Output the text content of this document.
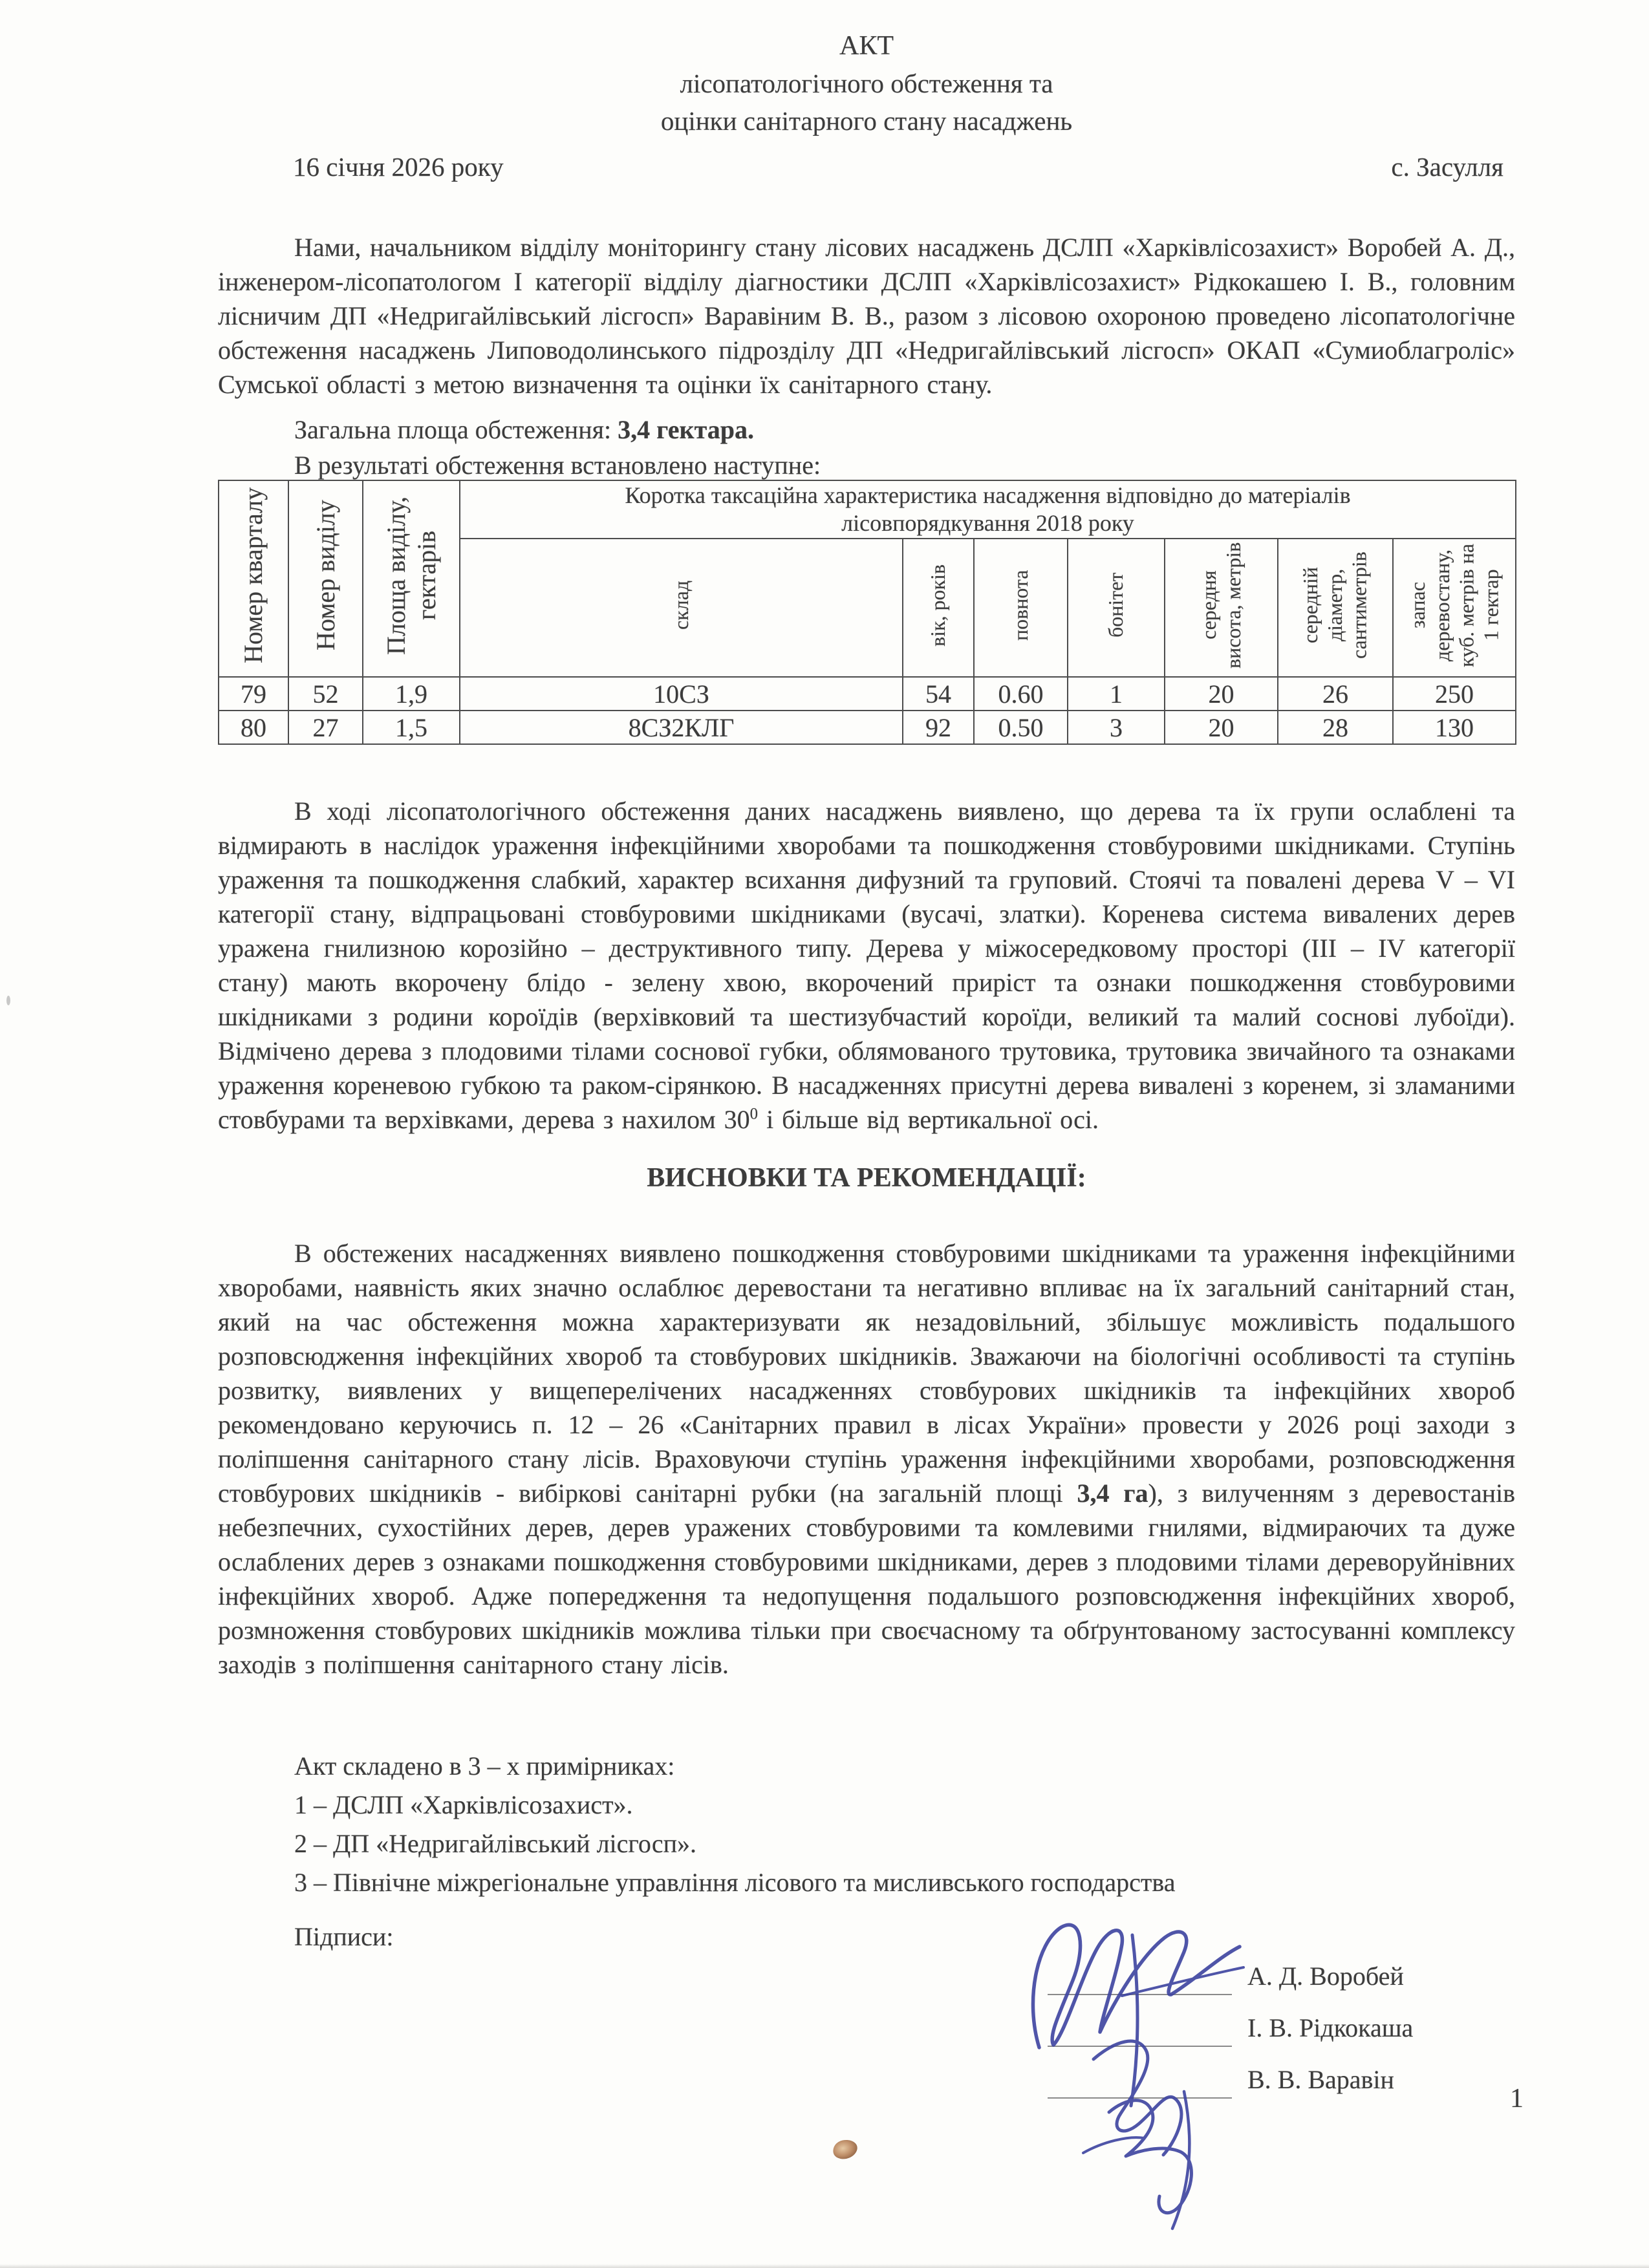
АКТ
лісопатологічного обстеження та
оцінки санітарного стану насаджень
16 січня 2026 року	с. Засулля

Нами, начальником відділу моніторингу стану лісових насаджень ДСЛП «Харківлісозахист» Воробей А. Д., інженером-лісопатологом І категорії відділу діагностики ДСЛП «Харківлісозахист» Рідкокашею І. В., головним лісничим ДП «Недригайлівський лісгосп» Варавіним В. В., разом з лісовою охороною проведено лісопатологічне обстеження насаджень Липоводолинського підрозділу ДП «Недригайлівський лісгосп» ОКАП «Сумиоблагроліс» Сумської області з метою визначення та оцінки їх санітарного стану.

Загальна площа обстеження: 3,4 гектара.
В результаті обстеження встановлено наступне:
Номер кварталу	Номер виділу	Площа виділу, гектарів	Коротка таксаційна характеристика насадження відповідно до матеріалів
лісовпорядкування 2018 року						

			склад	вік, років	повнота	бонітет	середня висота, метрів	середній діаметр, сантиметрів	запас деревостану, куб. метрів на 1 гектар
79	52	1,9	10СЗ	54	0.60	1	20	26	250
80	27	1,5	8СЗ2КЛГ	92	0.50	3	20	28	130

В ході лісопатологічного обстеження даних насаджень виявлено, що дерева та їх групи ослаблені та відмирають в наслідок ураження інфекційними хворобами та пошкодження стовбуровими шкідниками. Ступінь ураження та пошкодження слабкий, характер всихання дифузний та груповий. Стоячі та повалені дерева V – VI категорії стану, відпрацьовані стовбуровими шкідниками (вусачі, златки). Коренева система вивалених дерев уражена гнилизною корозійно – деструктивного типу. Дерева у міжосередковому просторі (ІІІ – ІV категорії стану) мають вкорочену блідо - зелену хвою, вкорочений приріст та ознаки пошкодження стовбуровими шкідниками з родини короїдів (верхівковий та шестизубчастий короїди, великий та малий соснові лубоїди). Відмічено дерева з плодовими тілами соснової губки, облямованого трутовика, трутовика звичайного та ознаками ураження кореневою губкою та раком-сірянкою. В насадженнях присутні дерева вивалені з коренем, зі зламаними стовбурами та верхівками, дерева з нахилом $30^0$ і більше від вертикальної осі.

ВИСНОВКИ ТА РЕКОМЕНДАЦІЇ:

В обстежених насадженнях виявлено пошкодження стовбуровими шкідниками та ураження інфекційними хворобами, наявність яких значно ослаблює деревостани та негативно впливає на їх загальний санітарний стан, який на час обстеження можна характеризувати як незадовільний, збільшує можливість подальшого розповсюдження інфекційних хвороб та стовбурових шкідників. Зважаючи на біологічні особливості та ступінь розвитку, виявлених у вищеперелічених насадженнях стовбурових шкідників та інфекційних хвороб рекомендовано керуючись п. 12 – 26 «Санітарних правил в лісах України» провести у 2026 році заходи з поліпшення санітарного стану лісів. Враховуючи ступінь ураження інфекційними хворобами, розповсюдження стовбурових шкідників - вибіркові санітарні рубки (на загальній площі 3,4 га), з вилученням з деревостанів небезпечних, сухостійних дерев, дерев уражених стовбуровими та комлевими гнилями, відмираючих та дуже ослаблених дерев з ознаками пошкодження стовбуровими шкідниками, дерев з плодовими тілами дереворуйнівних інфекційних хвороб. Адже попередження та недопущення подальшого розповсюдження інфекційних хвороб, розмноження стовбурових шкідників можлива тільки при своєчасному та обґрунтованому застосуванні комплексу заходів з поліпшення санітарного стану лісів.

Акт складено в 3 – х примірниках:
1 – ДСЛП «Харківлісозахист».
2 – ДП «Недригайлівський лісгосп».
3 – Північне міжрегіональне управління лісового та мисливського господарства
Підписи:
А. Д. Воробей
І. В. Рідкокаша
В. В. Варавін
1
